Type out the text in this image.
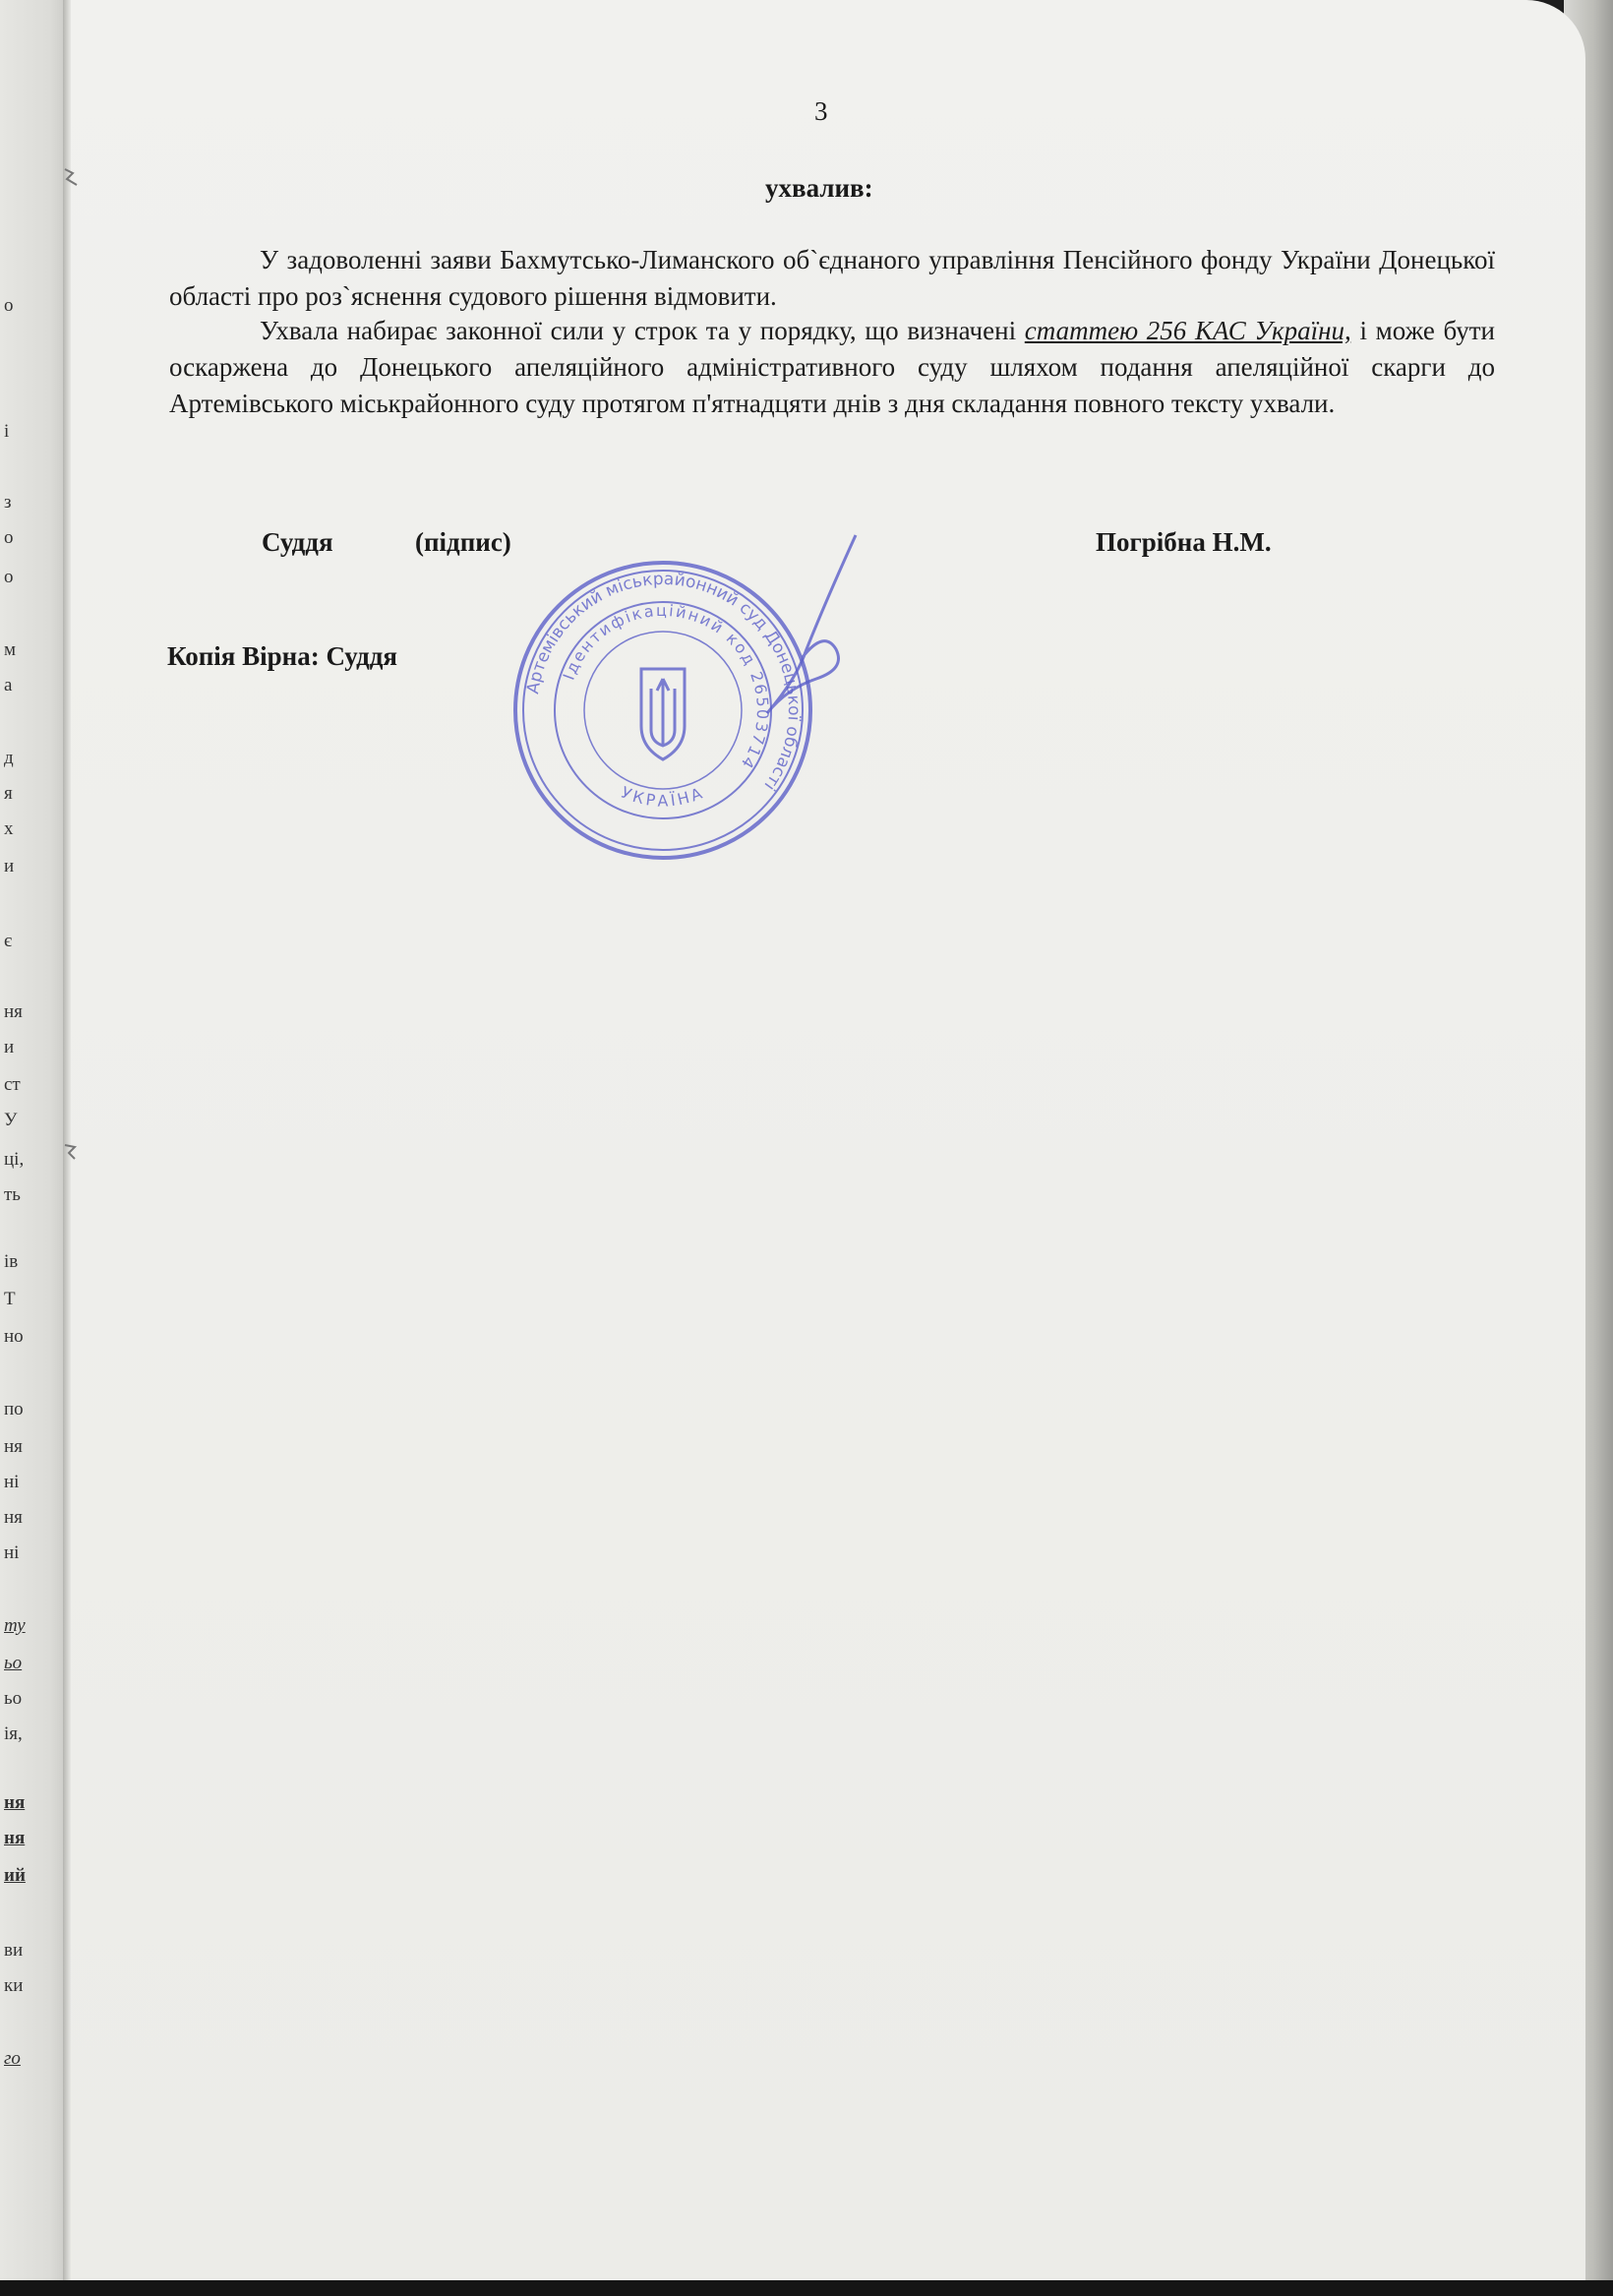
о
і
з
о
о
м
а
д
я
х
и
є
ня
и
ст
У
ці,
ть
ів
Т
но
по
ня
ні
ня
ні
ту
ьо
ьо
ія,
ня
ня
ий
ви
ки
го
3
ухвалив:
У задоволенні заяви Бахмутсько-Лиманского об`єднаного управління Пенсійного фонду України Донецької області про роз`яснення судового рішення відмовити.
Ухвала набирає законної сили у строк та у порядку, що визначені статтею 256 КАС України, і може бути оскаржена до Донецького апеляційного адміністративного суду шляхом подання апеляційної скарги до Артемівського міськрайонного суду протягом п'ятнадцяти днів з дня складання повного тексту ухвали.
Суддя	(підпис)	Погрібна Н.М.
Копія Вірна: Суддя
Артемівський міськрайонний суд Донецької області
Ідентифікаційний код 26503714
УКРАЇНА
